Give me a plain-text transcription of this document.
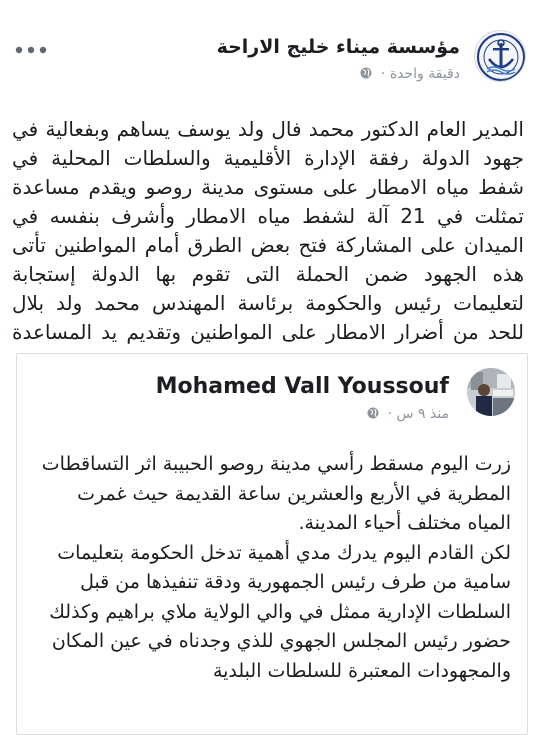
مؤسسة ميناء خليج اﻻراحة
دقيقة واحدة ·
المدير العام الدكتور محمد فال ولد يوسف يساهم وبفعالية في جهود الدولة رفقة الإدارة الأقليمية والسلطات المحلية في شفط مياه الامطار على مستوى مدينة روصو ويقدم مساعدة تمثلت في 21 آلة لشفط مياه الامطار وأشرف بنفسه في الميدان على المشاركة فتح بعض الطرق أمام المواطنين تأتى هذه الجهود ضمن الحملة التى تقوم بها الدولة إستجابة لتعليمات رئيس والحكومة برئاسة المهندس محمد ولد بلال للحد من أضرار الامطار على المواطنين وتقديم يد المساعدة
Mohamed Vall Youssouf
منذ ٩ س ·

زرت اليوم مسقط رأسي مدينة روصو الحبيبة اثر التساقطات المطرية في الأربع والعشرين ساعة القديمة حيث غمرت المياه مختلف أحياء المدينة.

لكن القادم اليوم يدرك مدي أهمية تدخل الحكومة بتعليمات سامية من طرف رئيس الجمهورية ودقة تنفيذها من قبل السلطات الإدارية ممثل في والي الولاية ملاي براهيم وكذلك حضور رئيس المجلس الجهوي للذي وجدناه في عين المكان والمجهودات المعتبرة للسلطات البلدية
